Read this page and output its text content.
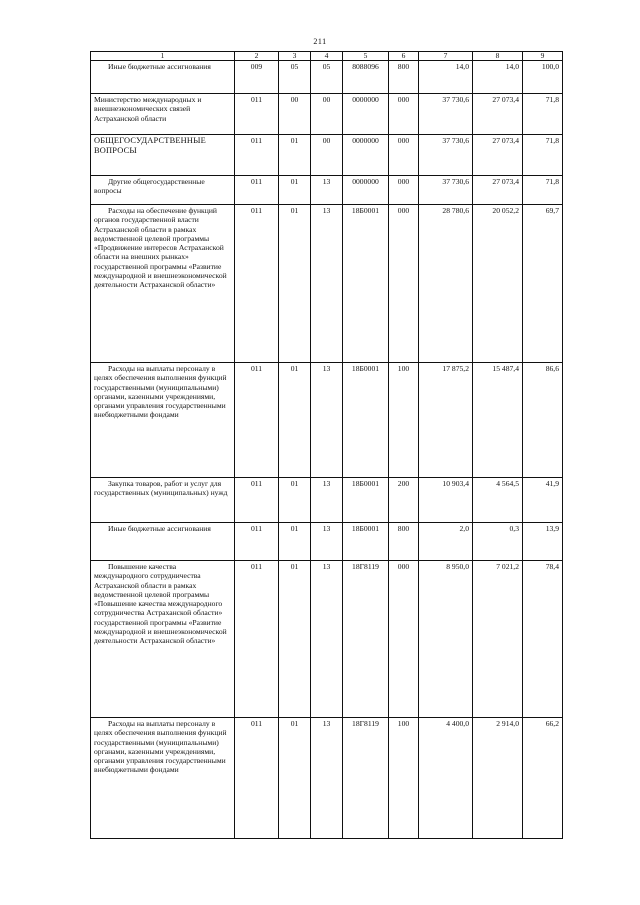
211
1	2	3	4	5	6	7	8	9
Иные бюджетные ассигнования	009	05	05	8088096	800	14,0	14,0	100,0
Министерство международных и внешнеэкономических связей Астраханской области	011	00	00	0000000	000	37 730,6	27 073,4	71,8
ОБЩЕГОСУДАРСТВЕННЫЕ ВОПРОСЫ	011	01	00	0000000	000	37 730,6	27 073,4	71,8
Другие общегосударственные вопросы	011	01	13	0000000	000	37 730,6	27 073,4	71,8
Расходы на обеспечение функций органов государственной власти Астраханской области в рамках ведомственной целевой программы «Продвижение интересов Астраханской области на внешних рынках» государственной программы «Развитие международной и внешнеэкономической деятельности Астраханской области»	011	01	13	18Б0001	000	28 780,6	20 052,2	69,7
Расходы на выплаты персоналу в целях обеспечения выполнения функций государственными (муниципальными) органами, казенными учреждениями, органами управления государственными внебюджетными фондами	011	01	13	18Б0001	100	17 875,2	15 487,4	86,6
Закупка товаров, работ и услуг для государственных (муниципальных) нужд	011	01	13	18Б0001	200	10 903,4	4 564,5	41,9
Иные бюджетные ассигнования	011	01	13	18Б0001	800	2,0	0,3	13,9
Повышение качества международного сотрудничества Астраханской области в рамках ведомственной целевой программы «Повышение качества международного сотрудничества Астраханской области» государственной программы «Развитие международной и внешнеэкономической деятельности Астраханской области»	011	01	13	18Г8119	000	8 950,0	7 021,2	78,4
Расходы на выплаты персоналу в целях обеспечения выполнения функций государственными (муниципальными) органами, казенными учреждениями, органами управления государственными внебюджетными фондами	011	01	13	18Г8119	100	4 400,0	2 914,0	66,2
